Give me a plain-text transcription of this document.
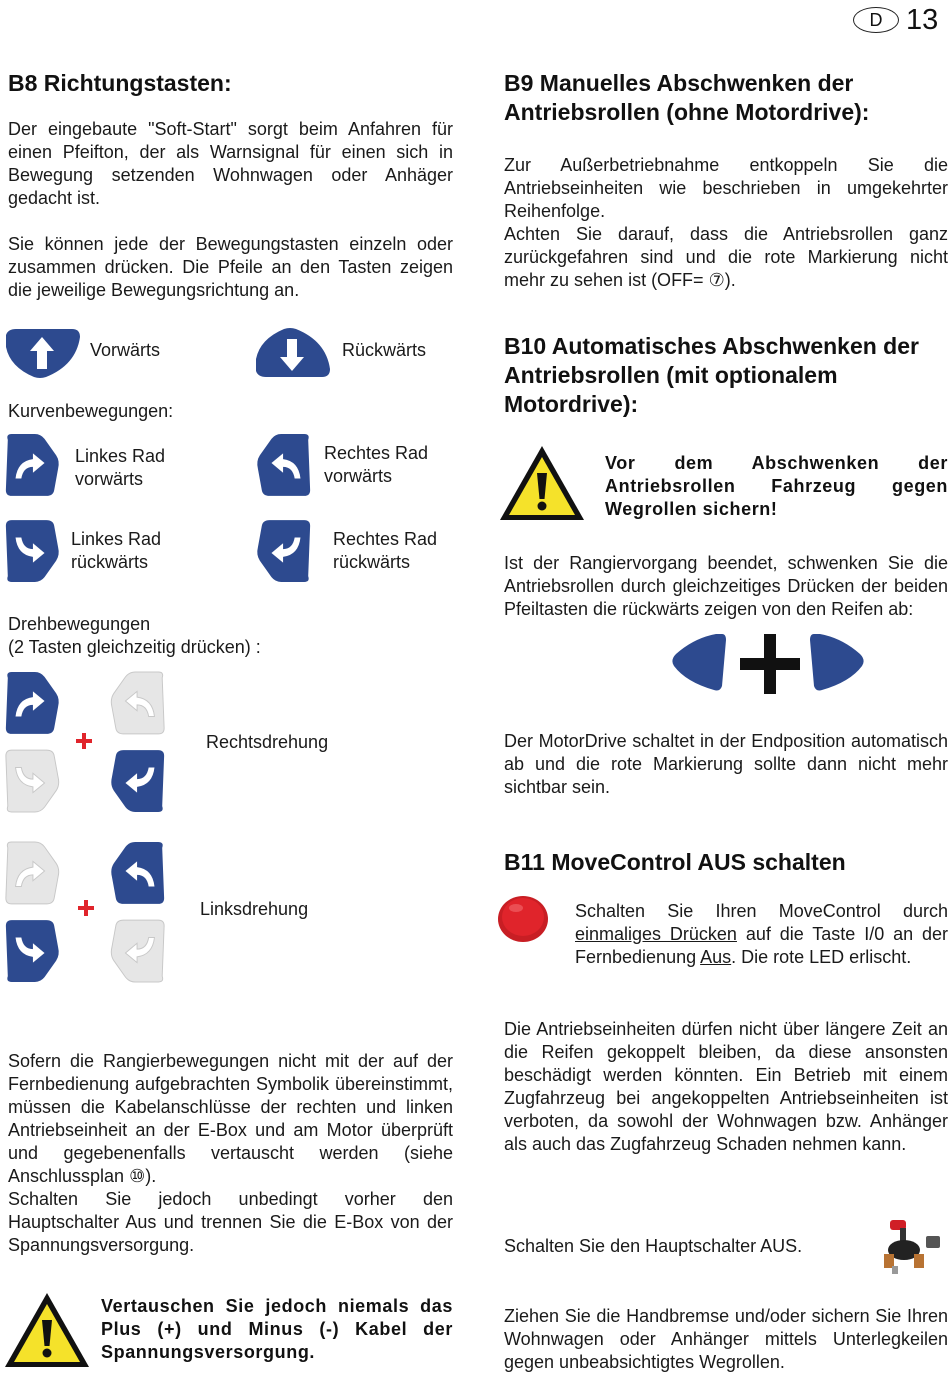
D 13
B8 Richtungstasten:
Der eingebaute "Soft-Start" sorgt beim Anfahren für einen Pfeifton, der als Warnsignal für einen sich in Bewegung setzenden Wohnwagen oder Anhäger gedacht ist.
Sie können jede der Bewegungstasten einzeln oder zusammen drücken. Die Pfeile an den Tasten zeigen die jeweilige Bewegungsrichtung an.
Vorwärts	Rückwärts
Kurvenbewegungen:
Linkes Rad
vorwärts
Rechtes Rad
vorwärts
Linkes Rad
rückwärts
Rechtes Rad
rückwärts
Drehbewegungen
(2 Tasten gleichzeitig drücken) :
Rechtsdrehung
Linksdrehung
Sofern die Rangierbewegungen nicht mit der auf der Fernbedienung aufgebrachten Symbolik übereinstimmt, müssen die Kabelanschlüsse der rechten und linken Antriebseinheit an der E-Box und am Motor überprüft und gegebenenfalls vertauscht werden (siehe Anschlussplan ⑩).
Schalten Sie jedoch unbedingt vorher den Hauptschalter Aus und trennen Sie die E-Box von der Spannungsversorgung.
Vertauschen Sie jedoch niemals das Plus (+) und Minus (-) Kabel der Spannungsversorgung.
B9 Manuelles Abschwenken der Antriebsrollen (ohne Motordrive):
Zur Außerbetriebnahme entkoppeln Sie die Antriebseinheiten wie beschrieben in umgekehrter Reihenfolge.
Achten Sie darauf, dass die Antriebsrollen ganz zurückgefahren sind und die rote Markierung nicht mehr zu sehen ist (OFF= ⑦).
B10 Automatisches Abschwenken der Antriebsrollen (mit optionalem Motordrive):
Vor dem Abschwenken der Antriebsrollen Fahrzeug gegen Wegrollen sichern!
Ist der Rangiervorgang beendet, schwenken Sie die Antriebsrollen durch gleichzeitiges Drücken der beiden Pfeiltasten die rückwärts zeigen von den Reifen ab:
Der MotorDrive schaltet in der Endposition automatisch ab und die rote Markierung sollte dann nicht mehr sichtbar sein.
B11 MoveControl AUS schalten
Schalten Sie Ihren MoveControl durch einmaliges Drücken auf die Taste I/0 an der Fernbedienung Aus. Die rote LED erlischt.
Die Antriebseinheiten dürfen nicht über längere Zeit an die Reifen gekoppelt bleiben, da diese ansonsten beschädigt werden könnten. Ein Betrieb mit einem Zugfahrzeug bei angekoppelten Antriebseinheiten ist verboten, da sowohl der Wohnwagen bzw. Anhänger als auch das Zugfahrzeug Schaden nehmen kann.
Schalten Sie den Hauptschalter AUS.
Ziehen Sie die Handbremse und/oder sichern Sie Ihren Wohnwagen oder Anhänger mittels Unterlegkeilen gegen unbeabsichtigtes Wegrollen.
